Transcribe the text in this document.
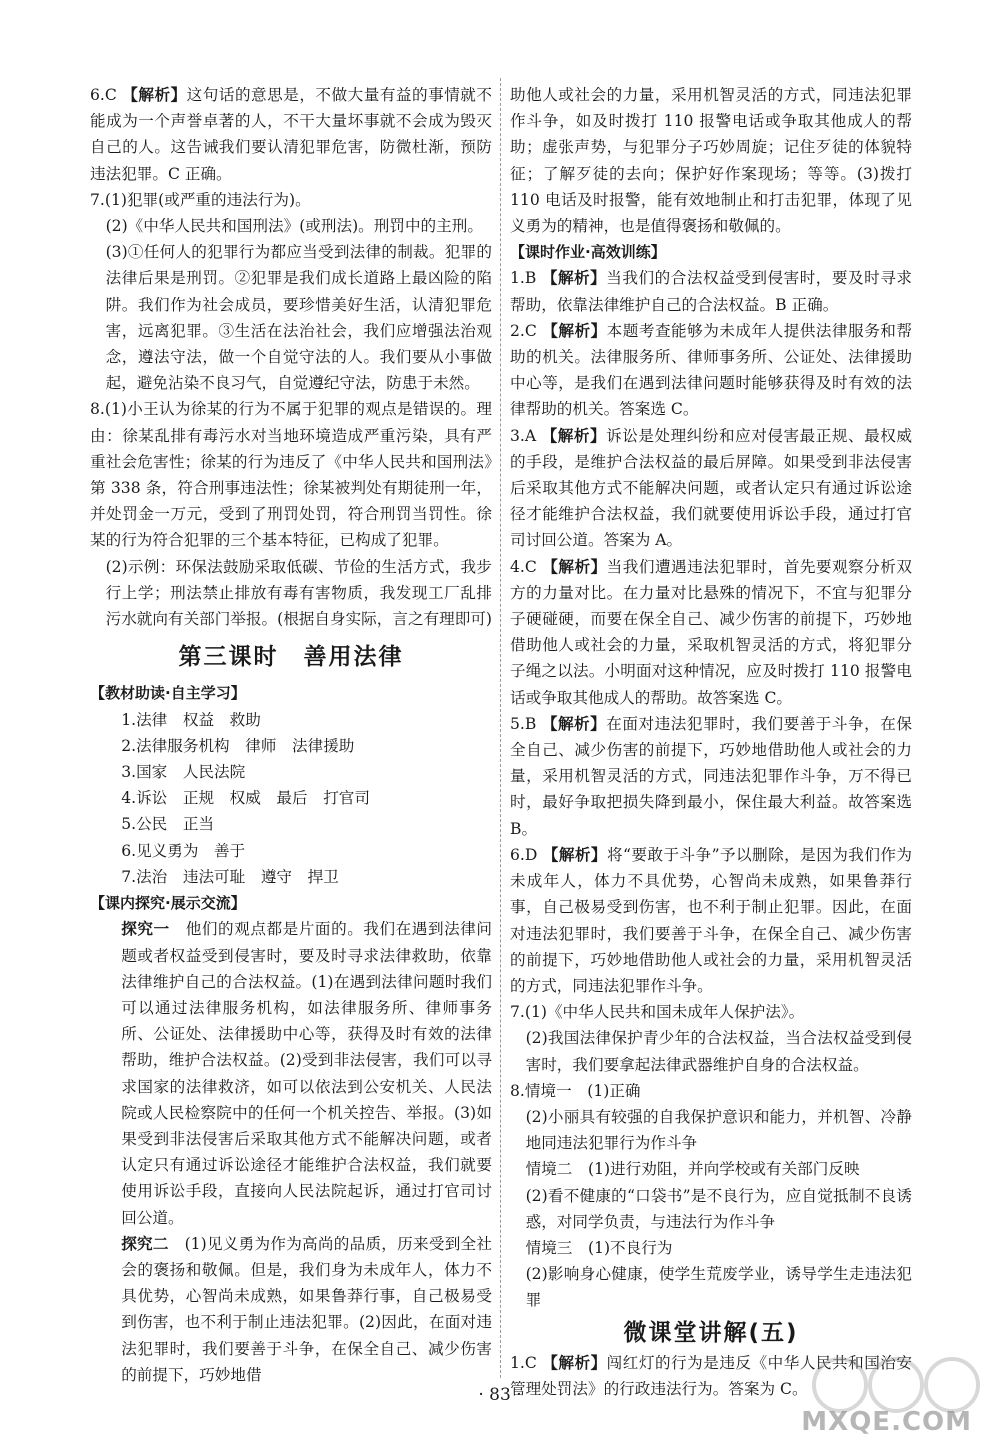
6.C 【解析】这句话的意思是，不做大量有益的事情就不能成为一个声誉卓著的人，不干大量坏事就不会成为毁灭自己的人。这告诫我们要认清犯罪危害，防微杜渐，预防违法犯罪。C 正确。

7.(1)犯罪(或严重的违法行为)。

(2)《中华人民共和国刑法》(或刑法)。刑罚中的主刑。

(3)①任何人的犯罪行为都应当受到法律的制裁。犯罪的法律后果是刑罚。②犯罪是我们成长道路上最凶险的陷阱。我们作为社会成员，要珍惜美好生活，认清犯罪危害，远离犯罪。③生活在法治社会，我们应增强法治观念，遵法守法，做一个自觉守法的人。我们要从小事做起，避免沾染不良习气，自觉遵纪守法，防患于未然。

8.(1)小王认为徐某的行为不属于犯罪的观点是错误的。理由：徐某乱排有毒污水对当地环境造成严重污染，具有严重社会危害性；徐某的行为违反了《中华人民共和国刑法》第 338 条，符合刑事违法性；徐某被判处有期徒刑一年，并处罚金一万元，受到了刑罚处罚，符合刑罚当罚性。徐某的行为符合犯罪的三个基本特征，已构成了犯罪。

(2)示例：环保法鼓励采取低碳、节俭的生活方式，我步行上学；刑法禁止排放有毒有害物质，我发现工厂乱排污水就向有关部门举报。(根据自身实际，言之有理即可)

第三课时　善用法律

【教材助读·自主学习】

1.法律　权益　救助

2.法律服务机构　律师　法律援助

3.国家　人民法院

4.诉讼　正规　权威　最后　打官司

5.公民　正当

6.见义勇为　善于

7.法治　违法可耻　遵守　捍卫

【课内探究·展示交流】

探究一　他们的观点都是片面的。我们在遇到法律问题或者权益受到侵害时，要及时寻求法律救助，依靠法律维护自己的合法权益。(1)在遇到法律问题时我们可以通过法律服务机构，如法律服务所、律师事务所、公证处、法律援助中心等，获得及时有效的法律帮助，维护合法权益。(2)受到非法侵害，我们可以寻求国家的法律救济，如可以依法到公安机关、人民法院或人民检察院中的任何一个机关控告、举报。(3)如果受到非法侵害后采取其他方式不能解决问题，或者认定只有通过诉讼途径才能维护合法权益，我们就要使用诉讼手段，直接向人民法院起诉，通过打官司讨回公道。

探究二　(1)见义勇为作为高尚的品质，历来受到全社会的褒扬和敬佩。但是，我们身为未成年人，体力不具优势，心智尚未成熟，如果鲁莽行事，自己极易受到伤害，也不利于制止违法犯罪。(2)因此，在面对违法犯罪时，我们要善于斗争，在保全自己、减少伤害的前提下，巧妙地借

助他人或社会的力量，采用机智灵活的方式，同违法犯罪作斗争，如及时拨打 110 报警电话或争取其他成人的帮助；虚张声势，与犯罪分子巧妙周旋；记住歹徒的体貌特征；了解歹徒的去向；保护好作案现场；等等。(3)拨打 110 电话及时报警，能有效地制止和打击犯罪，体现了见义勇为的精神，也是值得褒扬和敬佩的。

【课时作业·高效训练】

1.B 【解析】当我们的合法权益受到侵害时，要及时寻求帮助，依靠法律维护自己的合法权益。B 正确。

2.C 【解析】本题考查能够为未成年人提供法律服务和帮助的机关。法律服务所、律师事务所、公证处、法律援助中心等，是我们在遇到法律问题时能够获得及时有效的法律帮助的机关。答案选 C。

3.A 【解析】诉讼是处理纠纷和应对侵害最正规、最权威的手段，是维护合法权益的最后屏障。如果受到非法侵害后采取其他方式不能解决问题，或者认定只有通过诉讼途径才能维护合法权益，我们就要使用诉讼手段，通过打官司讨回公道。答案为 A。

4.C 【解析】当我们遭遇违法犯罪时，首先要观察分析双方的力量对比。在力量对比悬殊的情况下，不宜与犯罪分子硬碰硬，而要在保全自己、减少伤害的前提下，巧妙地借助他人或社会的力量，采取机智灵活的方式，将犯罪分子绳之以法。小明面对这种情况，应及时拨打 110 报警电话或争取其他成人的帮助。故答案选 C。

5.B 【解析】在面对违法犯罪时，我们要善于斗争，在保全自己、减少伤害的前提下，巧妙地借助他人或社会的力量，采用机智灵活的方式，同违法犯罪作斗争，万不得已时，最好争取把损失降到最小，保住最大利益。故答案选 B。

6.D 【解析】将“要敢于斗争”予以删除，是因为我们作为未成年人，体力不具优势，心智尚未成熟，如果鲁莽行事，自己极易受到伤害，也不利于制止犯罪。因此，在面对违法犯罪时，我们要善于斗争，在保全自己、减少伤害的前提下，巧妙地借助他人或社会的力量，采用机智灵活的方式，同违法犯罪作斗争。

7.(1)《中华人民共和国未成年人保护法》。

(2)我国法律保护青少年的合法权益，当合法权益受到侵害时，我们要拿起法律武器维护自身的合法权益。

8.情境一　(1)正确

(2)小丽具有较强的自我保护意识和能力，并机智、冷静地同违法犯罪行为作斗争

情境二　(1)进行劝阻，并向学校或有关部门反映

(2)看不健康的“口袋书”是不良行为，应自觉抵制不良诱惑，对同学负责，与违法行为作斗争

情境三　(1)不良行为

(2)影响身心健康，使学生荒废学业，诱导学生走违法犯罪

微课堂讲解(五)

1.C 【解析】闯红灯的行为是违反《中华人民共和国治安管理处罚法》的行政违法行为。答案为 C。

· 83 ·
MXQE.COM
